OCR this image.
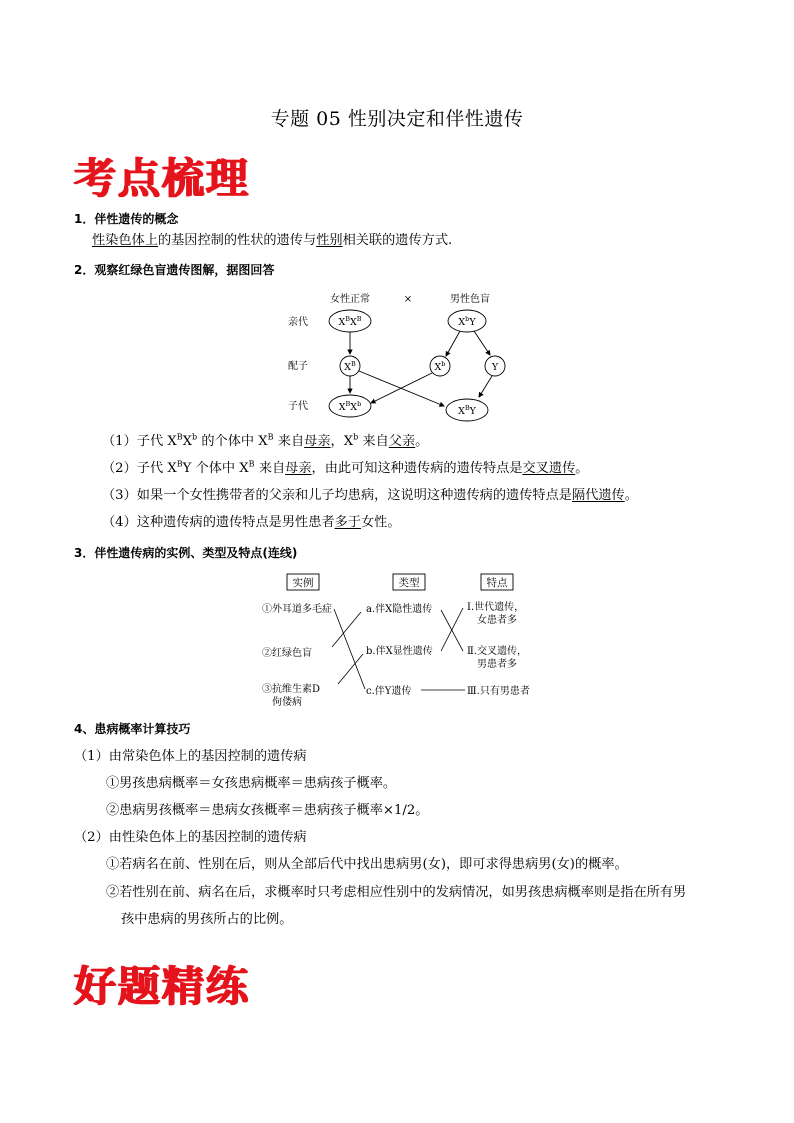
专题 05 性别决定和伴性遗传
考点梳理
1．伴性遗传的概念
性染色体上的基因控制的性状的遗传与性别相关联的遗传方式.
2．观察红绿色盲遗传图解，据图回答
女性正常	×	男性色盲
亲代
配子
子代
$X^BX^B$	$X^bY$
$X^B$	$X^b$	Y
$X^BX^b$
$X^BY$
（1）子代 $X^BX^b$ 的个体中 $X^B$ 来自母亲，$X^b$ 来自父亲。
（2）子代 $X^BY$ 个体中 $X^B$ 来自母亲，由此可知这种遗传病的遗传特点是交叉遗传。
（3）如果一个女性携带者的父亲和儿子均患病，这说明这种遗传病的遗传特点是隔代遗传。
（4）这种遗传病的遗传特点是男性患者多于女性。
3．伴性遗传病的实例、类型及特点(连线)
实例	类型	特点
①外耳道多毛症
②红绿色盲
③抗维生素D
佝偻病
a.伴X隐性遗传
b.伴X显性遗传
c.伴Y遗传
Ⅰ.世代遗传，
女患者多
Ⅱ.交叉遗传，
男患者多
Ⅲ.只有男患者
4、患病概率计算技巧
（1）由常染色体上的基因控制的遗传病
①男孩患病概率＝女孩患病概率＝患病孩子概率。
②患病男孩概率＝患病女孩概率＝患病孩子概率×1/2。
（2）由性染色体上的基因控制的遗传病
①若病名在前、性别在后，则从全部后代中找出患病男(女)，即可求得患病男(女)的概率。
②若性别在前、病名在后，求概率时只考虑相应性别中的发病情况，如男孩患病概率则是指在所有男
孩中患病的男孩所占的比例。
好题精练
